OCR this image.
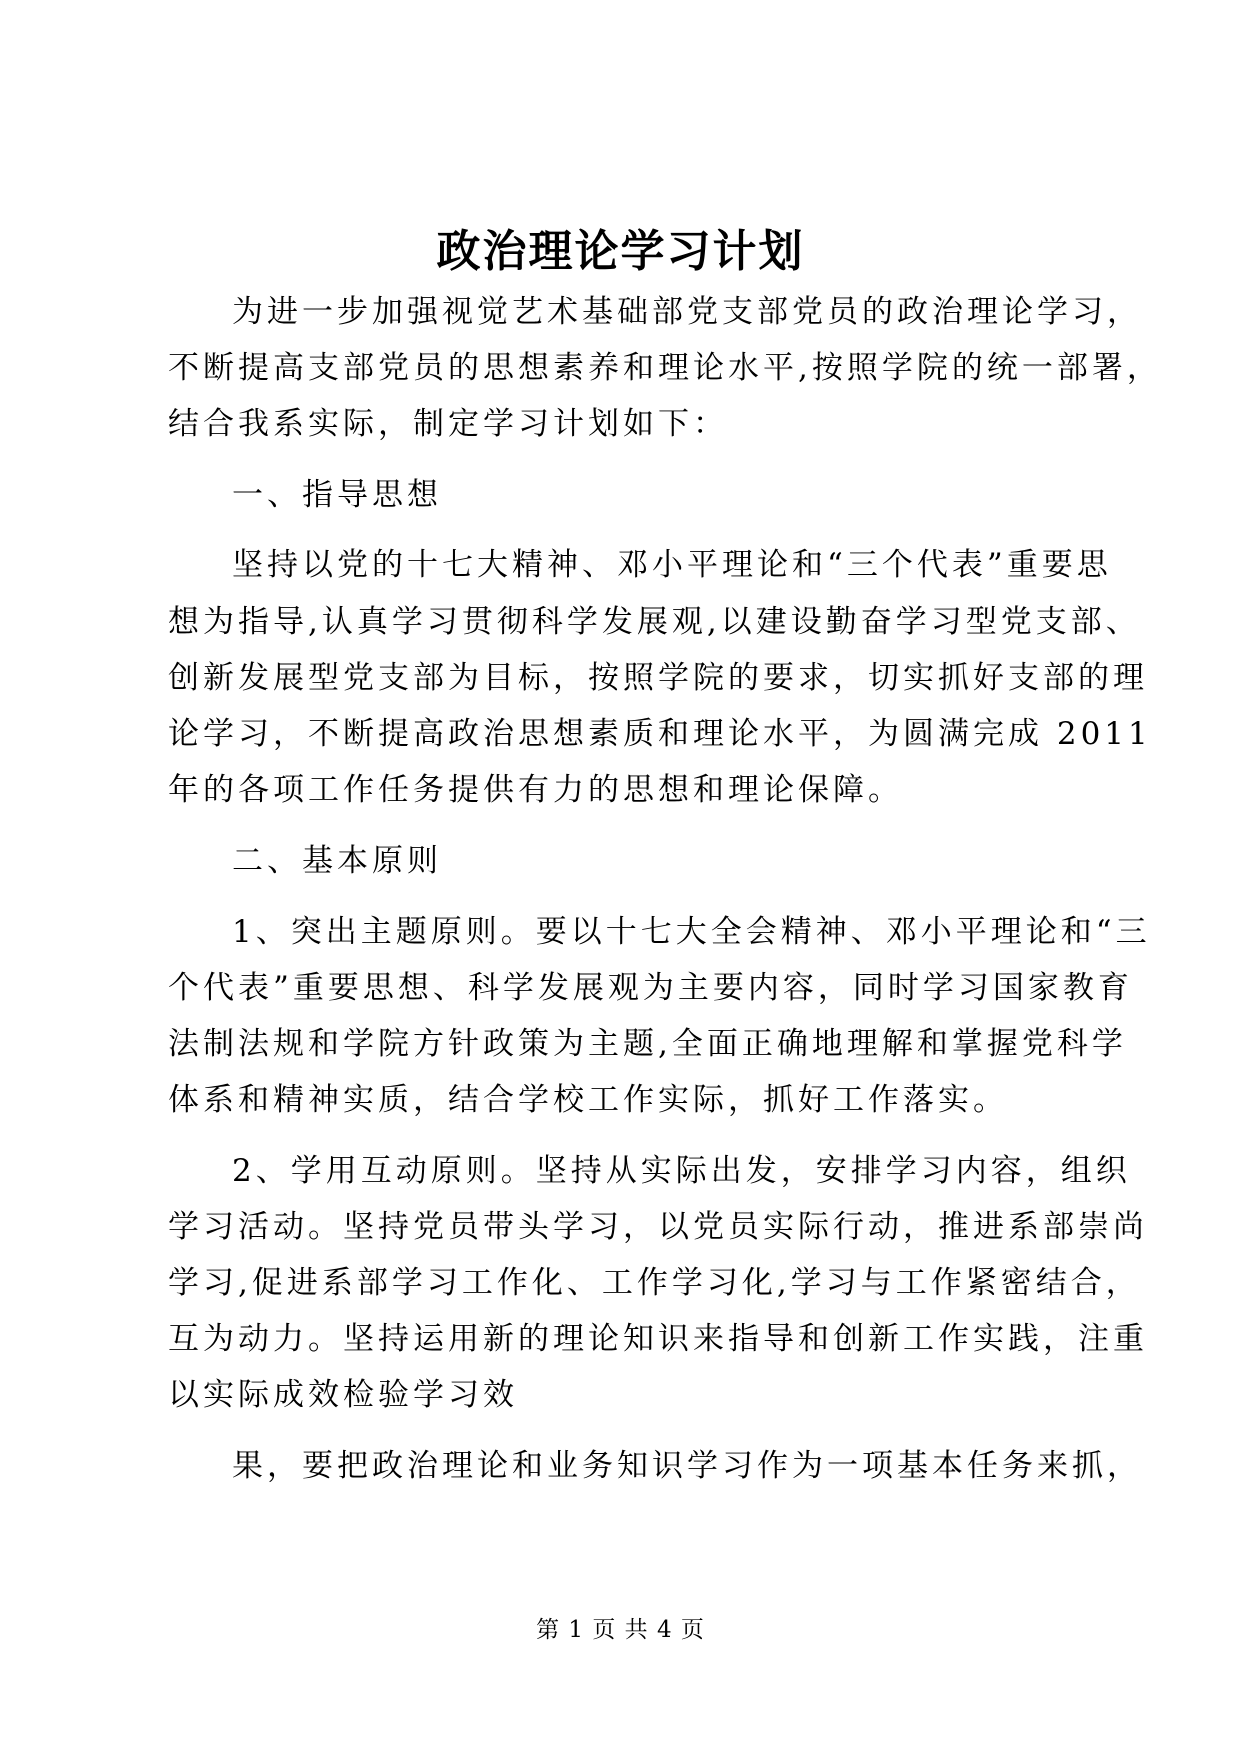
政治理论学习计划
为进一步加强视觉艺术基础部党支部党员的政治理论学习，
不断提高支部党员的思想素养和理论水平,按照学院的统一部署，
结合我系实际，制定学习计划如下：
一、指导思想
坚持以党的十七大精神、邓小平理论和“三个代表”重要思
想为指导,认真学习贯彻科学发展观,以建设勤奋学习型党支部、
创新发展型党支部为目标，按照学院的要求，切实抓好支部的理
论学习，不断提高政治思想素质和理论水平，为圆满完成 2011
年的各项工作任务提供有力的思想和理论保障。
二、基本原则
1、突出主题原则。要以十七大全会精神、邓小平理论和“三
个代表”重要思想、科学发展观为主要内容，同时学习国家教育
法制法规和学院方针政策为主题,全面正确地理解和掌握党科学
体系和精神实质，结合学校工作实际，抓好工作落实。
2、学用互动原则。坚持从实际出发，安排学习内容，组织
学习活动。坚持党员带头学习，以党员实际行动，推进系部崇尚
学习,促进系部学习工作化、工作学习化,学习与工作紧密结合，
互为动力。坚持运用新的理论知识来指导和创新工作实践，注重
以实际成效检验学习效
果，要把政治理论和业务知识学习作为一项基本任务来抓，
第 1 页 共 4 页
